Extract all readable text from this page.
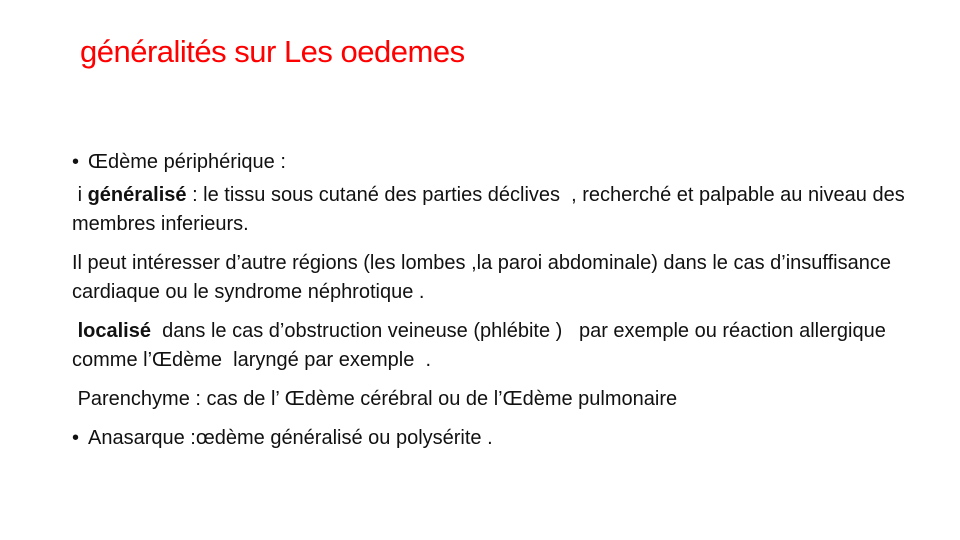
généralités sur Les oedemes

• Œdème périphérique :

i généralisé : le tissu sous cutané des parties déclives  , recherché et palpable au niveau des membres inferieurs.

Il peut intéresser d’autre régions (les lombes ,la paroi abdominale) dans le cas d’insuffisance cardiaque ou le syndrome néphrotique .

localisé  dans le cas d’obstruction veineuse (phlébite )   par exemple ou réaction allergique comme l’Œdème  laryngé par exemple  .

Parenchyme : cas de l’ Œdème cérébral ou de l’Œdème pulmonaire

• Anasarque :œdème généralisé ou polysérite .
